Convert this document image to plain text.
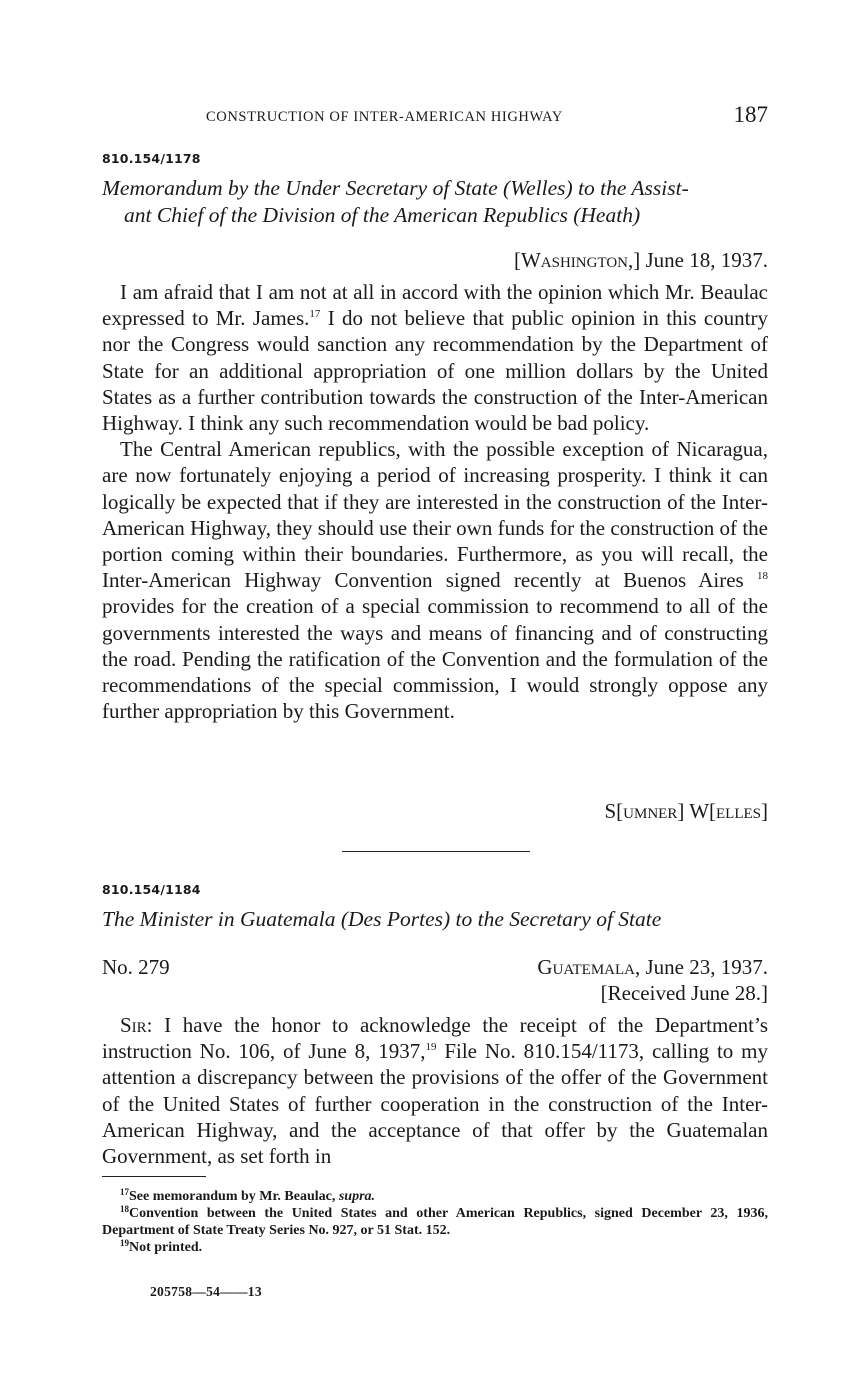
CONSTRUCTION OF INTER-AMERICAN HIGHWAY	187
810.154/1178
Memorandum by the Under Secretary of State (Welles) to the Assist-
ant Chief of the Division of the American Republics (Heath)
[Washington,] June 18, 1937.

I am afraid that I am not at all in accord with the opinion which Mr. Beaulac expressed to Mr. James.$^{17}$ I do not believe that public opinion in this country nor the Congress would sanction any recommendation by the Department of State for an additional appropriation of one million dollars by the United States as a further contribution towards the construction of the Inter-American Highway. I think any such recommendation would be bad policy.

The Central American republics, with the possible exception of Nicaragua, are now fortunately enjoying a period of increasing prosperity. I think it can logically be expected that if they are interested in the construction of the Inter-American Highway, they should use their own funds for the construction of the portion coming within their boundaries. Furthermore, as you will recall, the Inter-American Highway Convention signed recently at Buenos Aires $^{18}$ provides for the creation of a special commission to recommend to all of the governments interested the ways and means of financing and of constructing the road. Pending the ratification of the Convention and the formulation of the recommendations of the special commission, I would strongly oppose any further appropriation by this Government.

S[umner] W[elles]
810.154/1184
The Minister in Guatemala (Des Portes) to the Secretary of State
No. 279	Guatemala, June 23, 1937.
[Received June 28.]

Sir: I have the honor to acknowledge the receipt of the Department’s instruction No. 106, of June 8, 1937,19 File No. 810.154/1173, calling to my attention a discrepancy between the provisions of the offer of the Government of the United States of further cooperation in the construction of the Inter-American Highway, and the acceptance of that offer by the Guatemalan Government, as set forth in

$^{17}$See memorandum by Mr. Beaulac, supra.

$^{18}$Convention between the United States and other American Republics, signed December 23, 1936, Department of State Treaty Series No. 927, or 51 Stat. 152.

$^{19}$Not printed.

205758—54——13
